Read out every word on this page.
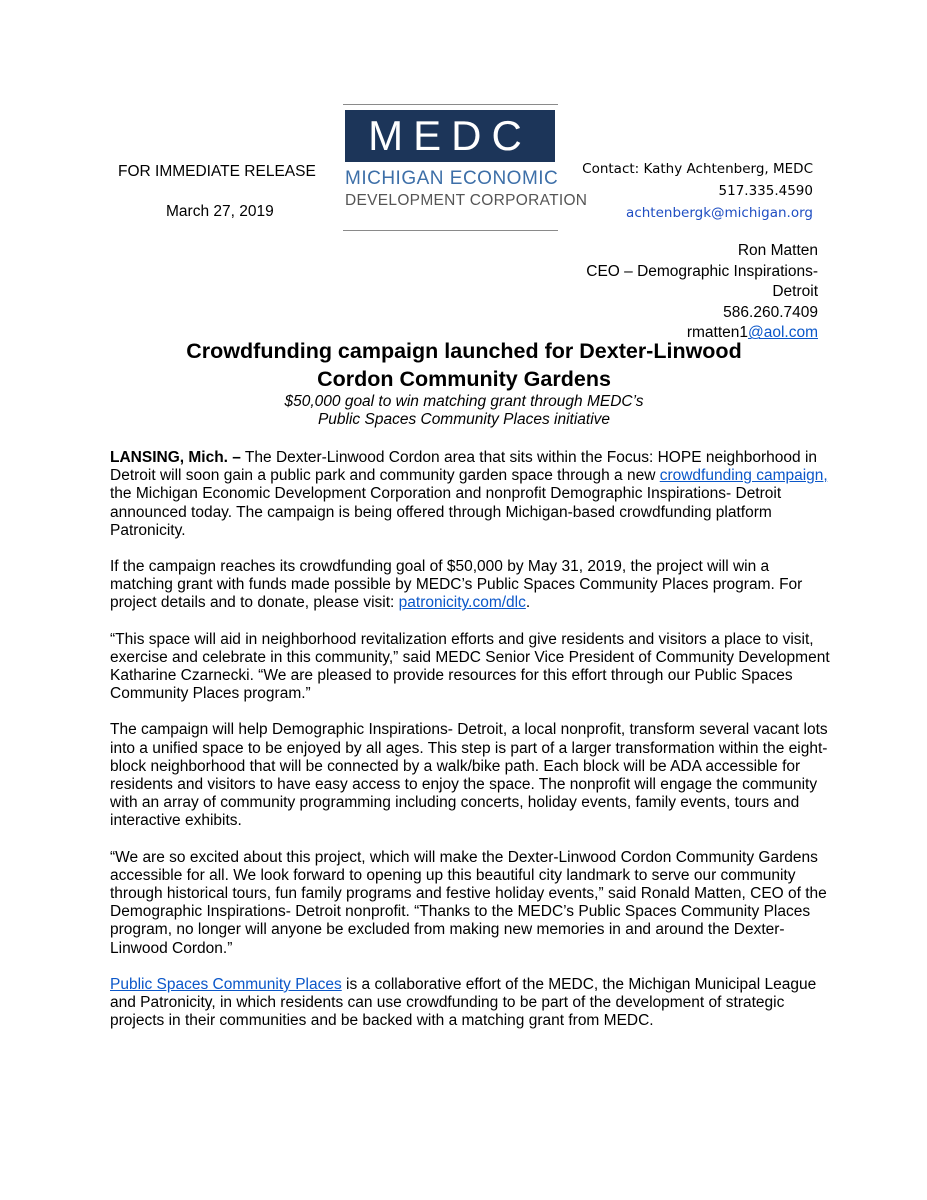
FOR IMMEDIATE RELEASE
March 27, 2019
MEDC
MICHIGAN ECONOMIC
DEVELOPMENT CORPORATION
Contact: Kathy Achtenberg, MEDC
517.335.4590
achtenbergk@michigan.org
Ron Matten
CEO – Demographic Inspirations- Detroit
586.260.7409
rmatten1@aol.com
Crowdfunding campaign launched for Dexter-Linwood
Cordon Community Gardens
$50,000 goal to win matching grant through MEDC’s
Public Spaces Community Places initiative

LANSING, Mich. – The Dexter-Linwood Cordon area that sits within the Focus: HOPE neighborhood in Detroit will soon gain a public park and community garden space through a new crowdfunding campaign, the Michigan Economic Development Corporation and nonprofit Demographic Inspirations- Detroit announced today. The campaign is being offered through Michigan-based crowdfunding platform Patronicity.

If the campaign reaches its crowdfunding goal of $50,000 by May 31, 2019, the project will win a matching grant with funds made possible by MEDC’s Public Spaces Community Places program. For project details and to donate, please visit: patronicity.com/dlc.

“This space will aid in neighborhood revitalization efforts and give residents and visitors a place to visit, exercise and celebrate in this community,” said MEDC Senior Vice President of Community Development Katharine Czarnecki. “We are pleased to provide resources for this effort through our Public Spaces Community Places program.”

The campaign will help Demographic Inspirations- Detroit, a local nonprofit, transform several vacant lots into a unified space to be enjoyed by all ages. This step is part of a larger transformation within the eight-block neighborhood that will be connected by a walk/bike path. Each block will be ADA accessible for residents and visitors to have easy access to enjoy the space. The nonprofit will engage the community with an array of community programming including concerts, holiday events, family events, tours and interactive exhibits.

“We are so excited about this project, which will make the Dexter-Linwood Cordon Community Gardens accessible for all. We look forward to opening up this beautiful city landmark to serve our community through historical tours, fun family programs and festive holiday events,” said Ronald Matten, CEO of the Demographic Inspirations- Detroit nonprofit. “Thanks to the MEDC’s Public Spaces Community Places program, no longer will anyone be excluded from making new memories in and around the Dexter-Linwood Cordon.”

Public Spaces Community Places is a collaborative effort of the MEDC, the Michigan Municipal League and Patronicity, in which residents can use crowdfunding to be part of the development of strategic projects in their communities and be backed with a matching grant from MEDC.
